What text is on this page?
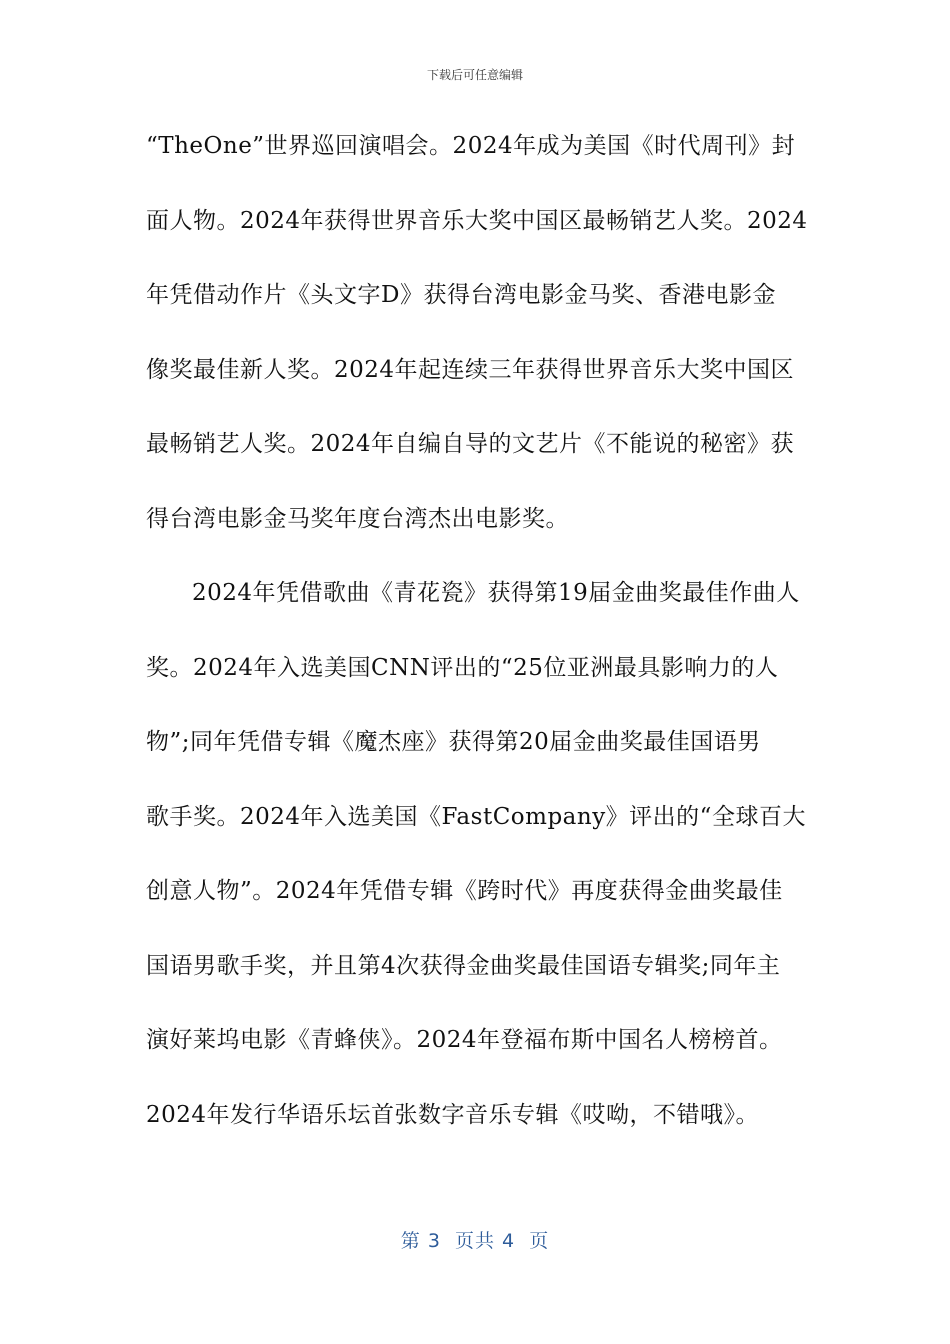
下载后可任意编辑
“TheOne”世界巡回演唱会。2024年成为美国《时代周刊》封
面人物。2024年获得世界音乐大奖中国区最畅销艺人奖。2024
年凭借动作片《头文字D》获得台湾电影金马奖、香港电影金
像奖最佳新人奖。2024年起连续三年获得世界音乐大奖中国区
最畅销艺人奖。2024年自编自导的文艺片《不能说的秘密》获
得台湾电影金马奖年度台湾杰出电影奖。
2024年凭借歌曲《青花瓷》获得第19届金曲奖最佳作曲人
奖。2024年入选美国CNN评出的“25位亚洲最具影响力的人
物”;同年凭借专辑《魔杰座》获得第20届金曲奖最佳国语男
歌手奖。2024年入选美国《FastCompany》评出的“全球百大
创意人物”。2024年凭借专辑《跨时代》再度获得金曲奖最佳
国语男歌手奖，并且第4次获得金曲奖最佳国语专辑奖;同年主
演好莱坞电影《青蜂侠》。2024年登福布斯中国名人榜榜首。
2024年发行华语乐坛首张数字音乐专辑《哎呦，不错哦》。
第 3  页共 4  页
